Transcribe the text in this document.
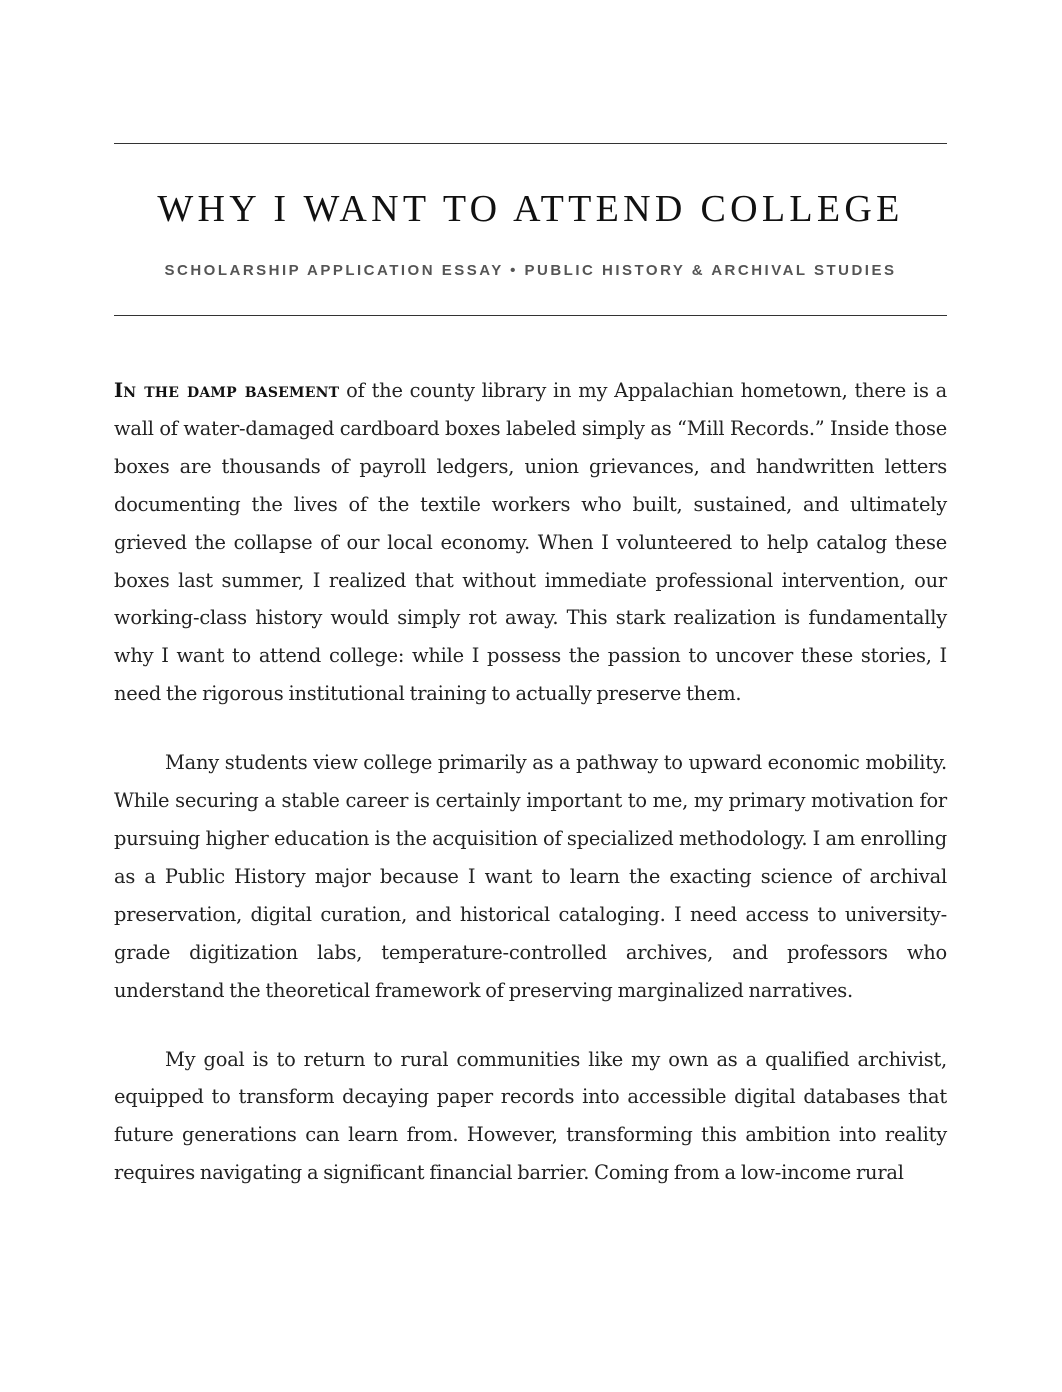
WHY I WANT TO ATTEND COLLEGE
SCHOLARSHIP APPLICATION ESSAY • PUBLIC HISTORY & ARCHIVAL STUDIES

In the damp basement of the county library in my Appalachian hometown, there is a wall of water-damaged cardboard boxes labeled simply as “Mill Records.” Inside those boxes are thousands of payroll ledgers, union grievances, and handwritten letters documenting the lives of the textile workers who built, sustained, and ultimately grieved the collapse of our local economy. When I volunteered to help catalog these boxes last summer, I realized that without immediate professional intervention, our working-class history would simply rot away. This stark realization is fundamentally why I want to attend college: while I possess the passion to uncover these stories, I need the rigorous institutional training to actually preserve them.

Many students view college primarily as a pathway to upward economic mobility. While securing a stable career is certainly important to me, my primary motivation for pursuing higher education is the acquisition of specialized methodology. I am enrolling as a Public History major because I want to learn the exacting science of archival preservation, digital curation, and historical cataloging. I need access to university-grade digitization labs, temperature-controlled archives, and professors who understand the theoretical framework of preserving marginalized narratives.

My goal is to return to rural communities like my own as a qualified archivist, equipped to transform decaying paper records into accessible digital databases that future generations can learn from. However, transforming this ambition into reality requires navigating a significant financial barrier. Coming from a low-income rural
